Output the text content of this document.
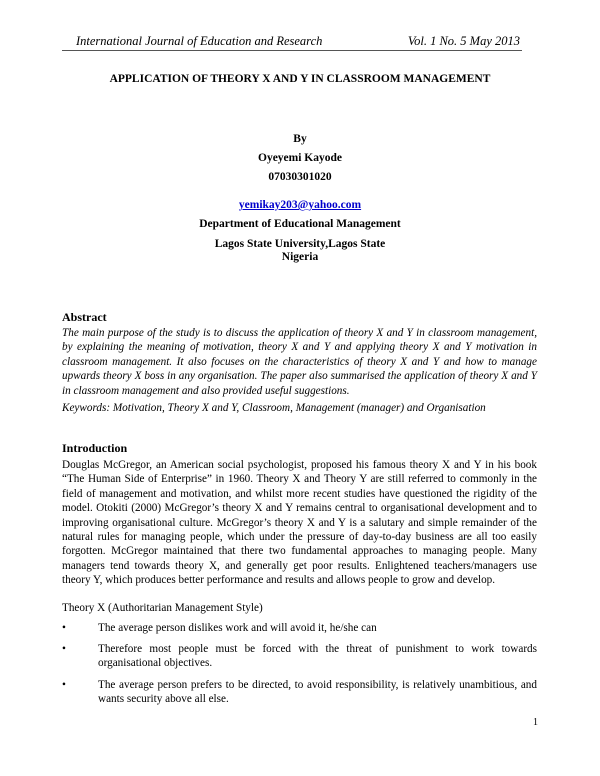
International Journal of Education and Research	Vol. 1 No. 5 May 2013
APPLICATION OF THEORY X AND Y IN CLASSROOM MANAGEMENT
By
Oyeyemi Kayode
07030301020
yemikay203@yahoo.com
Department of Educational Management
Lagos State University,Lagos State
Nigeria
Abstract
The main purpose of the study is to discuss the application of theory X and Y in classroom management, by explaining the meaning of motivation, theory X and Y and applying theory X and Y motivation in classroom management. It also focuses on the characteristics of theory X and Y and how to manage upwards theory X boss in any organisation. The paper also summarised the application of theory X and Y in classroom management and also provided useful suggestions.
Keywords: Motivation, Theory X and Y, Classroom, Management (manager) and Organisation
Introduction
Douglas McGregor, an American social psychologist, proposed his famous theory X and Y in his book “The Human Side of Enterprise” in 1960. Theory X and Theory Y are still referred to commonly in the field of management and motivation, and whilst more recent studies have questioned the rigidity of the model. Otokiti (2000) McGregor’s theory X and Y remains central to organisational development and to improving organisational culture. McGregor’s theory X and Y is a salutary and simple remainder of the natural rules for managing people, which under the pressure of day-to-day business are all too easily forgotten. McGregor maintained that there two fundamental approaches to managing people. Many managers tend towards theory X, and generally get poor results. Enlightened teachers/managers use theory Y, which produces better performance and results and allows people to grow and develop.
Theory X (Authoritarian Management Style)
•	The average person dislikes work and will avoid it, he/she can
•	Therefore most people must be forced with the threat of punishment to work towards organisational objectives.
•	The average person prefers to be directed, to avoid responsibility, is relatively unambitious, and wants security above all else.
1
